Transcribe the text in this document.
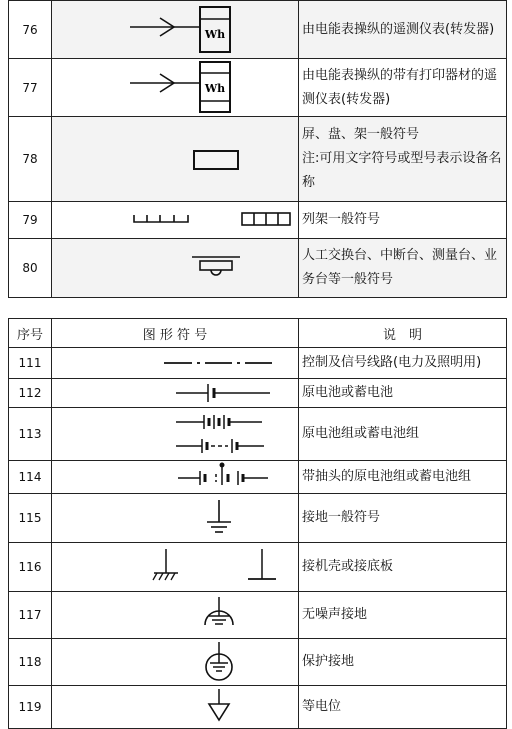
76	Wh	由电能表操纵的遥测仪表(转发器)
77	Wh	由电能表操纵的带有打印器材的遥测仪表(转发器)
78		屏、盘、架一般符号
注:可用文字符号或型号表示设备名称
79		列架一般符号
80		人工交换台、中断台、测量台、业务台等一般符号
序号	图 形 符 号	说　明
111		控制及信号线路(电力及照明用)
112		原电池或蓄电池
113		原电池组或蓄电池组
114		带抽头的原电池组或蓄电池组
115		接地一般符号
116		接机壳或接底板
117		无噪声接地
118		保护接地
119		等电位
